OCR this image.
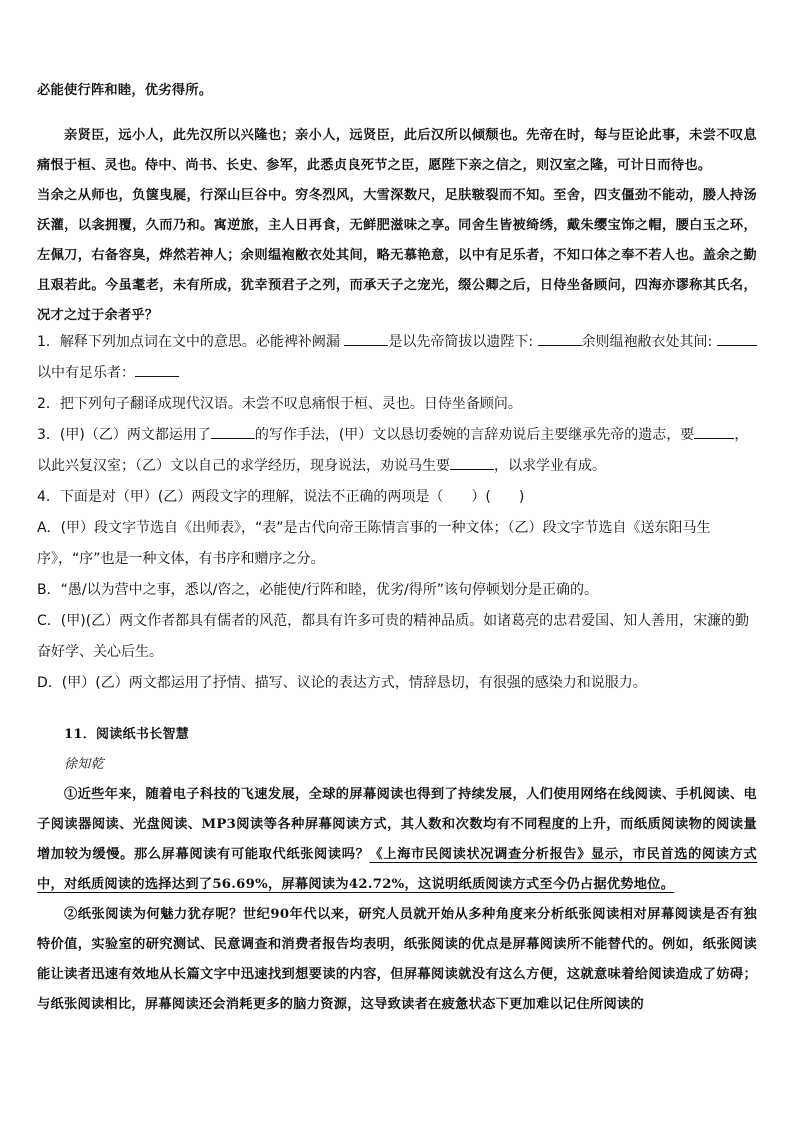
必能使行阵和睦，优劣得所。

亲贤臣，远小人，此先汉所以兴隆也；亲小人，远贤臣，此后汉所以倾颓也。先帝在时，每与臣论此事，未尝不叹息痛恨于桓、灵也。侍中、尚书、长史、参军，此悉贞良死节之臣，愿陛下亲之信之，则汉室之隆，可计日而待也。

当余之从师也，负箧曳屣，行深山巨谷中。穷冬烈风，大雪深数尺，足肤皲裂而不知。至舍，四支僵劲不能动，媵人持汤沃灌，以衾拥覆，久而乃和。寓逆旅，主人日再食，无鲜肥滋味之享。同舍生皆被绮绣，戴朱缨宝饰之帽，腰白玉之环，左佩刀，右备容臭，烨然若神人；余则缊袍敝衣处其间，略无慕艳意，以中有足乐者，不知口体之奉不若人也。盖余之勤且艰若此。今虽耄老，未有所成，犹幸预君子之列，而承天子之宠光，缀公卿之后，日侍坐备顾问，四海亦谬称其氏名，况才之过于余者乎？

1．解释下列加点词在文中的意思。必能裨补阙漏	是以先帝简拔以遗陛下:	余则缊袍敝衣处其间:
以中有足乐者：

2．把下列句子翻译成现代汉语。未尝不叹息痛恨于桓、灵也。日侍坐备顾问。

3．(甲)（乙）两文都运用了	的写作手法，(甲）文以恳切委婉的言辞劝说后主要继承先帝的遗志，要	，
以此兴复汉室；（乙）文以自己的求学经历，现身说法，劝说马生要	，以求学业有成。

4．下面是对（甲）(乙）两段文字的理解，说法不正确的两项是（　　）(　　)

A．(甲）段文字节选自《出师表》，“表”是古代向帝王陈情言事的一种文体；（乙）段文字节选自《送东阳马生序》，“序”也是一种文体，有书序和赠序之分。

B．“愚/以为营中之事，悉以/咨之，必能使/行阵和睦，优劣/得所”该句停顿划分是正确的。

C．(甲)(乙）两文作者都具有儒者的风范，都具有许多可贵的精神品质。如诸葛亮的忠君爱国、知人善用，宋濂的勤奋好学、关心后生。

D．(甲）(乙）两文都运用了抒情、描写、议论的表达方式，情辞恳切，有很强的感染力和说服力。

11．阅读纸书长智慧

徐知乾

①近些年来，随着电子科技的飞速发展，全球的屏幕阅读也得到了持续发展，人们使用网络在线阅读、手机阅读、电子阅读器阅读、光盘阅读、MP3阅读等各种屏幕阅读方式，其人数和次数均有不同程度的上升，而纸质阅读物的阅读量增加较为缓慢。那么屏幕阅读有可能取代纸张阅读吗？《上海市民阅读状况调查分析报告》显示，市民首选的阅读方式中，对纸质阅读的选择达到了56.69%，屏幕阅读为42.72%，这说明纸质阅读方式至今仍占据优势地位。

②纸张阅读为何魅力犹存呢？世纪90年代以来，研究人员就开始从多种角度来分析纸张阅读相对屏幕阅读是否有独特价值，实验室的研究测试、民意调查和消费者报告均表明，纸张阅读的优点是屏幕阅读所不能替代的。例如，纸张阅读能让读者迅速有效地从长篇文字中迅速找到想要读的内容，但屏幕阅读就没有这么方便，这就意味着给阅读造成了妨碍；与纸张阅读相比，屏幕阅读还会消耗更多的脑力资源，这导致读者在疲惫状态下更加难以记住所阅读的
